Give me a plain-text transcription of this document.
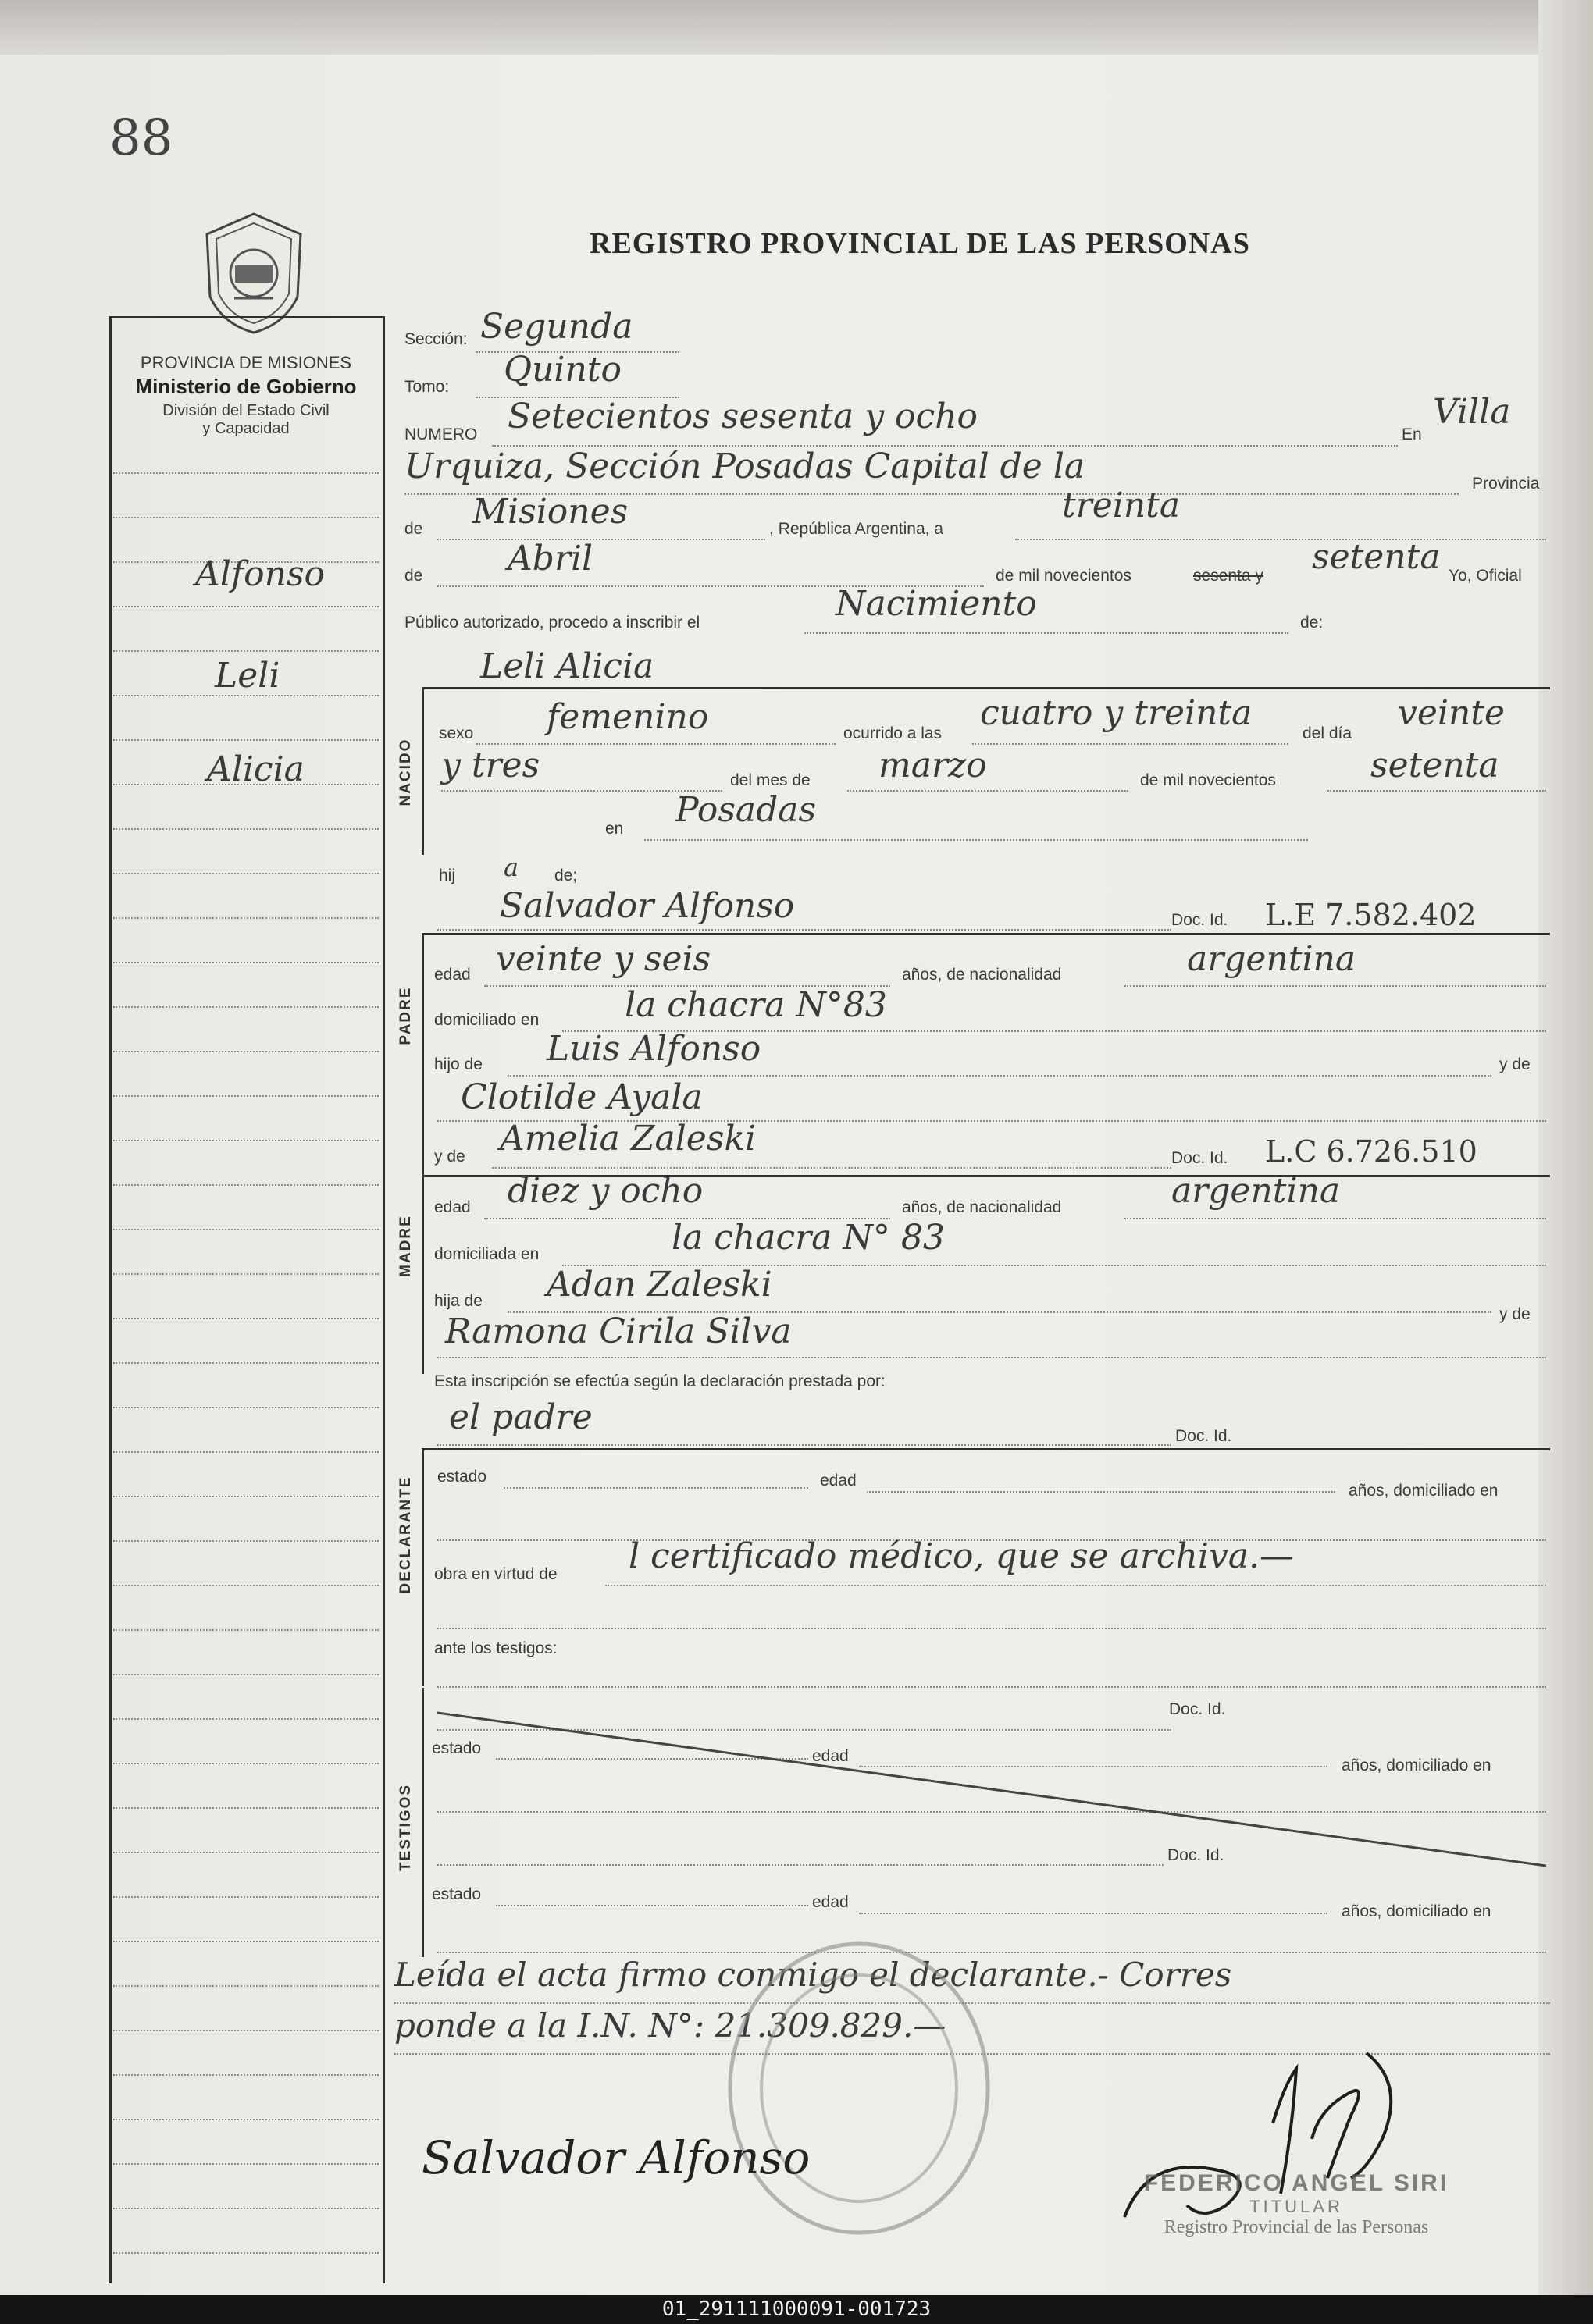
88
REGISTRO PROVINCIAL DE LAS PERSONAS
PROVINCIA DE MISIONES
Ministerio de Gobierno
División del Estado Civil
y Capacidad
Alfonso
Leli
Alicia
Sección: Segunda
Tomo: Quinto
NUMERO Setecientos sesenta y ocho	En
Villa
Urquiza, Sección Posadas Capital de la	Provincia
de Misiones	, República Argentina, a
treinta
de Abril	de mil novecientos	sesenta y setenta Yo, Oficial
Público autorizado, procedo a inscribir el	Nacimiento	de:
Leli Alicia
NACIDO
sexo femenino	ocurrido a las
cuatro y treinta
del día
veinte
y tres	del mes de marzo	de mil novecientos	setenta
en Posadas
hij a de;
Salvador Alfonso	Doc. Id. L.E 7.582.402
PADRE
edad veinte y seis	años, de nacionalidad	argentina
domiciliado en la chacra N°83
hijo de Luis Alfonso	y de
Clotilde Ayala
y de Amelia Zaleski	Doc. Id. L.C 6.726.510
MADRE
edad diez y ocho	años, de nacionalidad	argentina
domiciliada en	la chacra N° 83
hija de Adan Zaleski
y de
Ramona Cirila Silva
Esta inscripción se efectúa según la declaración prestada por:
el padre	Doc. Id.
DECLARANTE estado	edad
años, domiciliado en
obra en virtud de l certificado médico, que se archiva.—
ante los testigos:
Doc. Id.
TESTIGOS
estado	edad
años, domiciliado en
Doc. Id.
estado	edad
años, domiciliado en
Leída el acta firmo conmigo el declarante.- Corres
ponde a la I.N. N°: 21.309.829.—
Salvador Alfonso	FEDERICO ANGEL SIRI
TITULAR
Registro Provincial de las Personas
01_291111000091-001723
